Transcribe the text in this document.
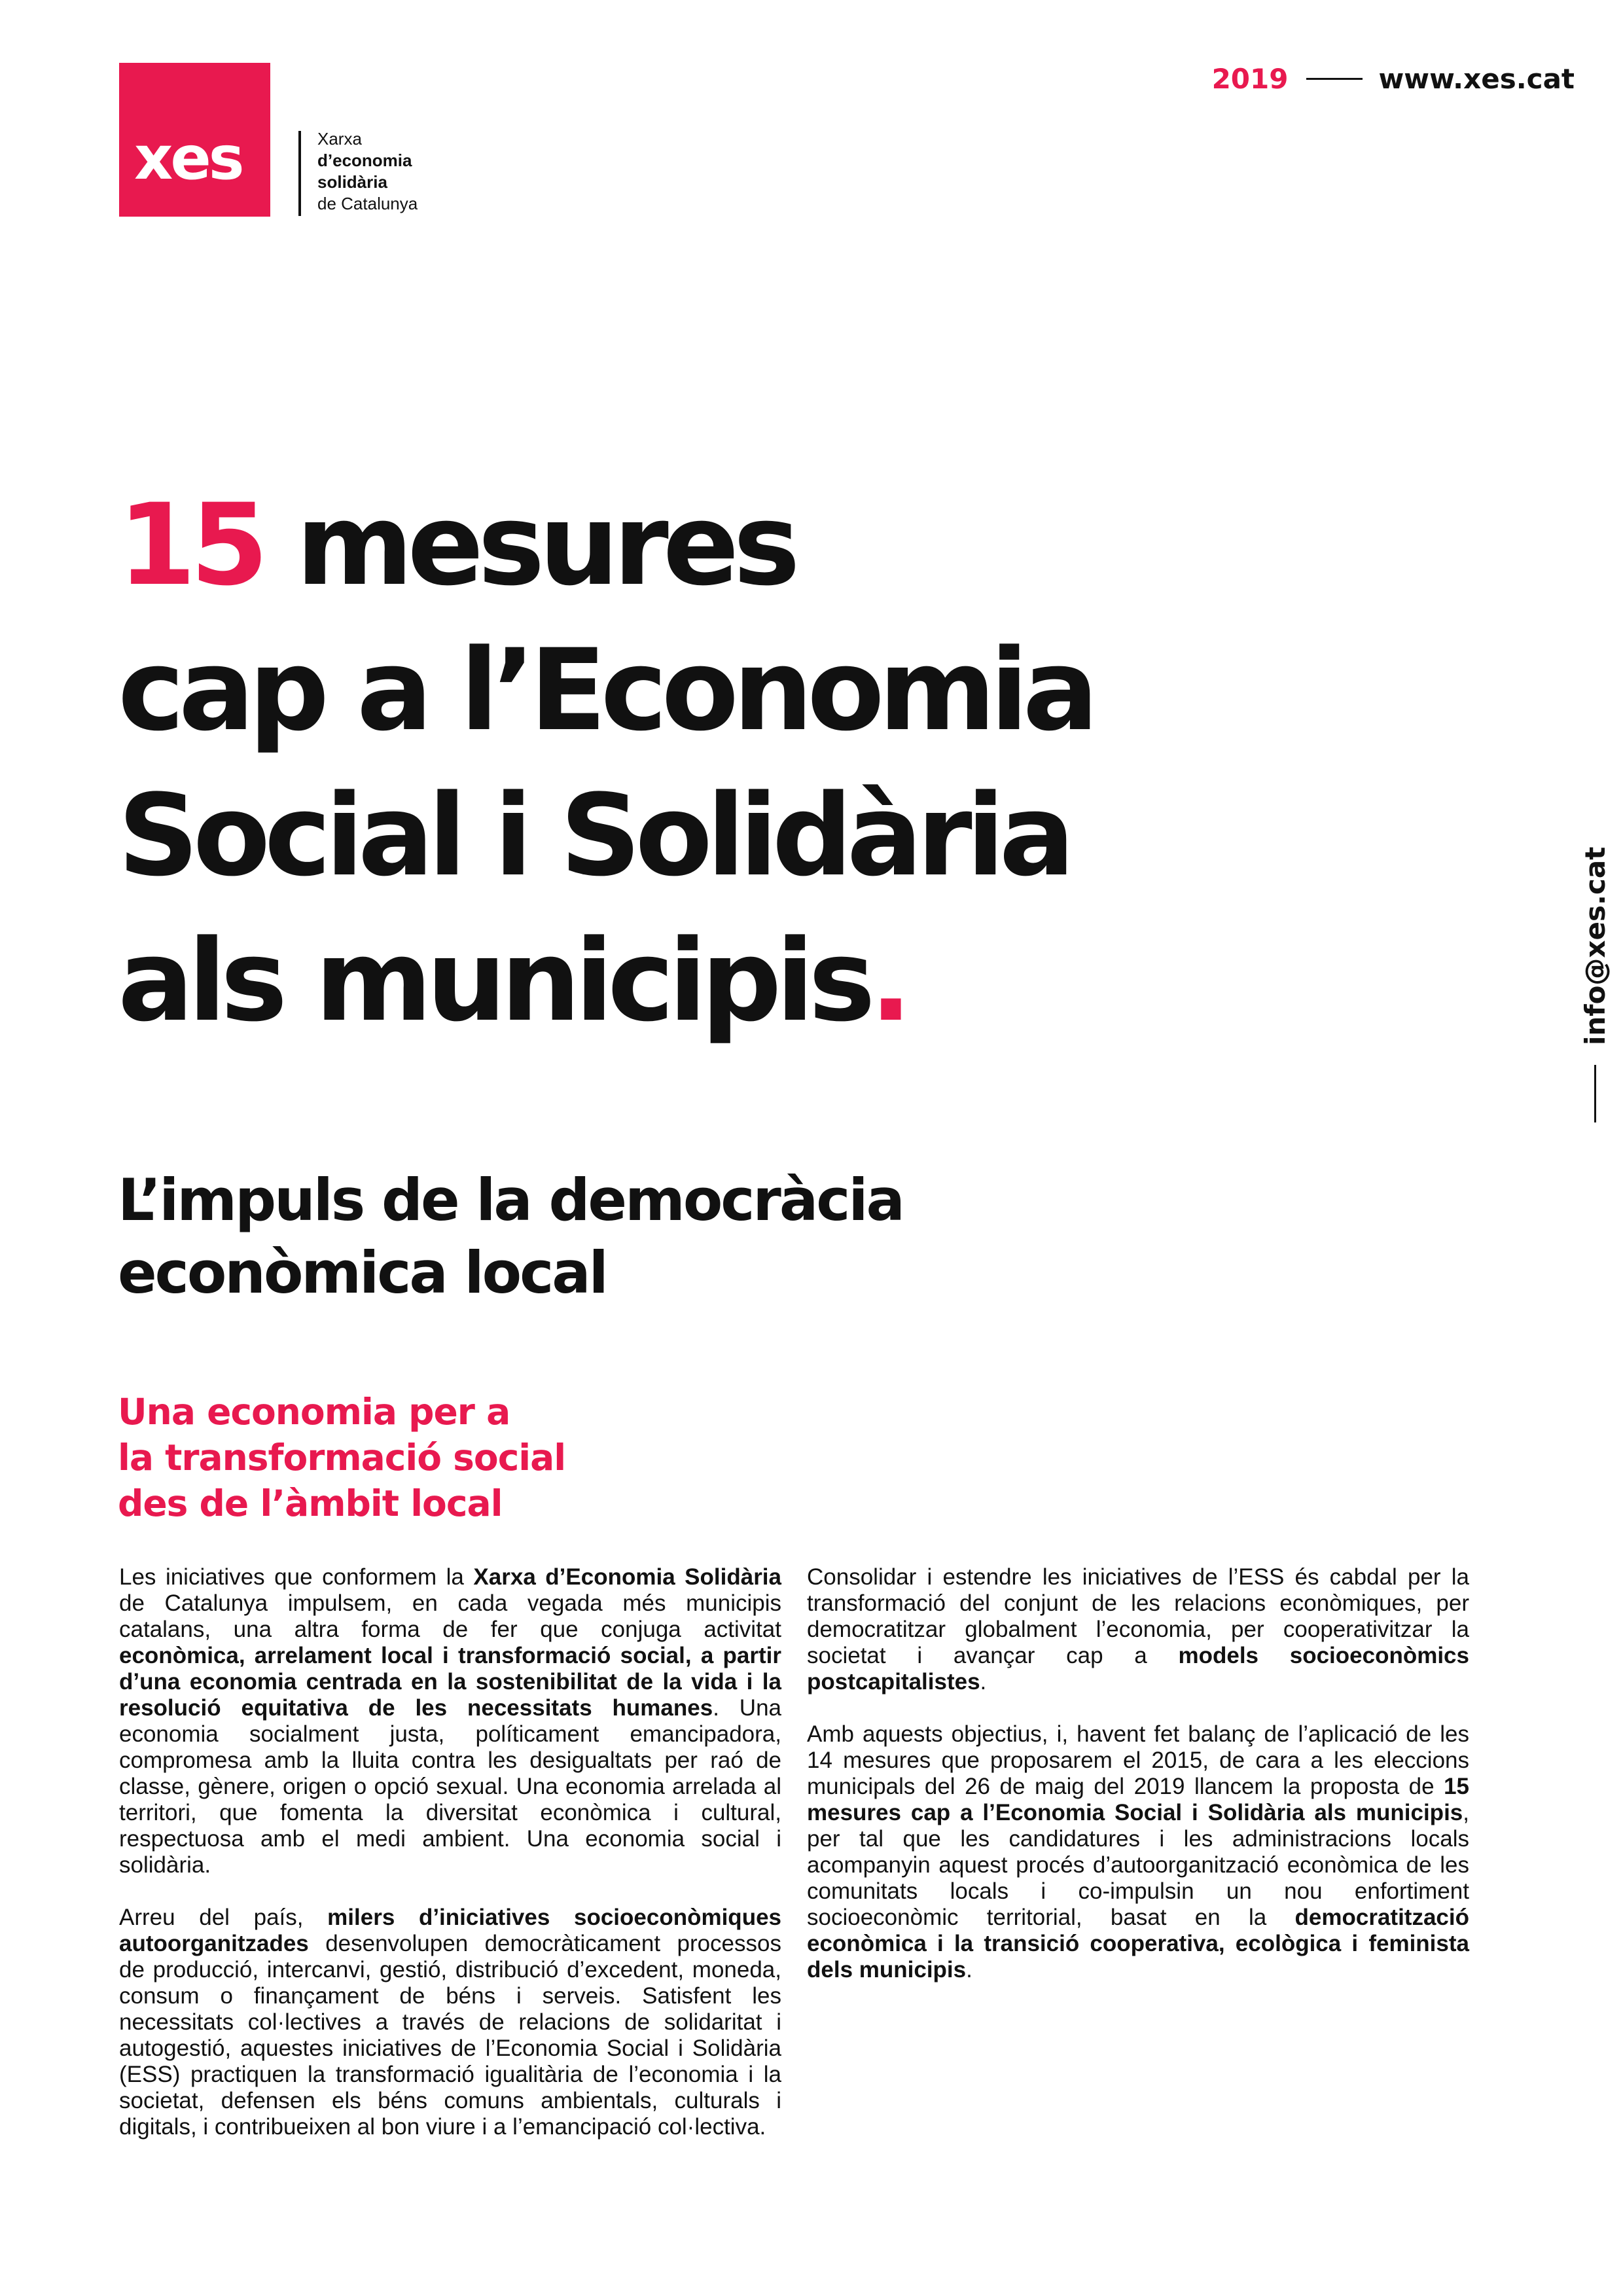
xes	Xarxa
d’economia
solidària
de Catalunya
2019	www.xes.cat
info@xes.cat
15 mesures
cap a l’Economia
Social i Solidària
als municipis.
L’impuls de la democràcia
econòmica local
Una economia per a
la transformació social
des de l’àmbit local

Les iniciatives que conformem la Xarxa d’Economia Solidària de Catalunya impulsem, en cada vegada més municipis catalans, una altra forma de fer que conjuga activitat econòmica, arrelament local i transformació social, a partir d’una economia centrada en la sostenibilitat de la vida i la resolució equitativa de les necessitats humanes. Una economia socialment justa, políticament emancipadora, compromesa amb la lluita contra les desigualtats per raó de classe, gènere, origen o opció sexual. Una economia arrelada al territori, que fomenta la diversitat econòmica i cultural, respectuosa amb el medi ambient. Una economia social i solidària.

Arreu del país, milers d’iniciatives socioeconòmiques autoorganitzades desenvolupen democràticament processos de producció, intercanvi, gestió, distribució d’excedent, moneda, consum o finançament de béns i serveis. Satisfent les necessitats col·lectives a través de relacions de solidaritat i autogestió, aquestes iniciatives de l’Economia Social i Solidària (ESS) practiquen la transformació igualitària de l’economia i la societat, defensen els béns comuns ambientals, culturals i digitals, i contribueixen al bon viure i a l’emancipació col·lectiva.

Consolidar i estendre les iniciatives de l’ESS és cabdal per la transformació del conjunt de les relacions econòmiques, per democratitzar globalment l’economia, per cooperativitzar la societat i avançar cap a models socioeconòmics postcapitalistes.

Amb aquests objectius, i, havent fet balanç de l’aplicació de les 14 mesures que proposarem el 2015, de cara a les eleccions municipals del 26 de maig del 2019 llancem la proposta de 15 mesures cap a l’Economia Social i Solidària als municipis, per tal que les candidatures i les administracions locals acompanyin aquest procés d’autoorganització econòmica de les comunitats locals i co-impulsin un nou enfortiment socioeconòmic territorial, basat en la democratització econòmica i la transició cooperativa, ecològica i feminista dels municipis.
